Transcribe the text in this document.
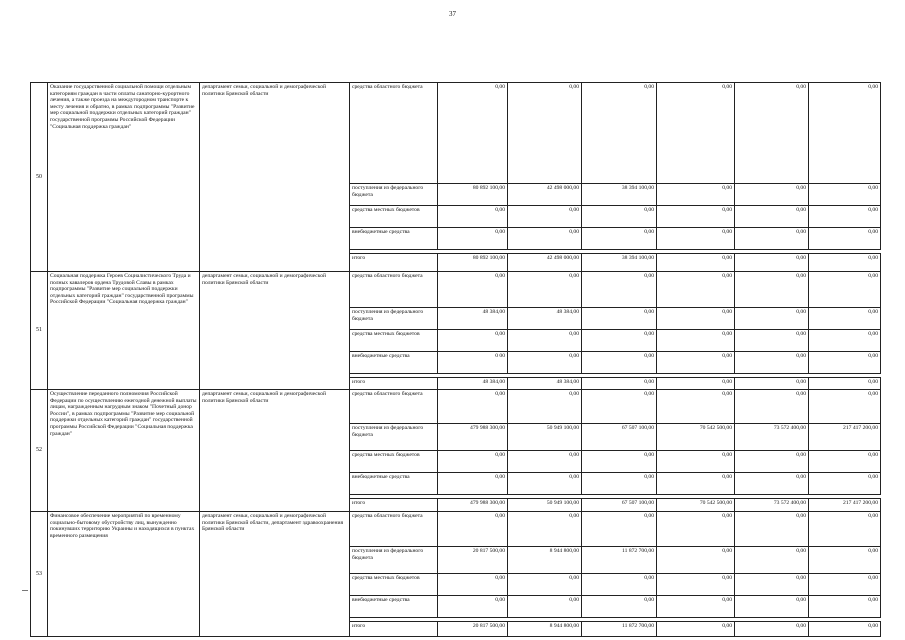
37
50	Оказание государственной социальной помощи отдельным категориям граждан в части оплаты санаторно-курортного лечения, а также проезда на междугородном транспорте к месту лечения и обратно, в рамках подпрограммы "Развитие мер социальной поддержки отдельных категорий граждан" государственной программы Российской Федерации "Социальная поддержка граждан"	департамент семьи, социальной и демографической политики Брянской области	средства областного бюджета	0,00	0,00	0,00	0,00	0,00	0,00
			поступления из федерального бюджета	80 892 100,00	42 498 000,00	38 394 100,00	0,00	0,00	0,00
			средства местных бюджетов	0,00	0,00	0,00	0,00	0,00	0,00
			внебюджетные средства	0,00	0,00	0,00	0,00	0,00	0,00

			итого	80 892 100,00	42 498 000,00	38 394 100,00	0,00	0,00	0,00
51	Социальная поддержка Героев Социалистического Труда и полных кавалеров ордена Трудовой Славы в рамках подпрограммы "Развитие мер социальной поддержки отдельных категорий граждан" государственной программы Российской Федерации "Социальная поддержка граждан"	департамент семьи, социальной и демографической политики Брянской области	средства областного бюджета	0,00	0,00	0,00	0,00	0,00	0,00
			поступления из федерального бюджета	48 384,00	48 384,00	0,00	0,00	0,00	0,00
			средства местных бюджетов	0,00	0,00	0,00	0,00	0,00	0,00
			внебюджетные средства	0 00	0,00	0,00	0,00	0,00	0,00

			итого	48 384,00	48 384,00	0,00	0,00	0,00	0,00
52	Осуществление переданного полномочия Российской Федерации по осуществлению ежегодной денежной выплаты лицам, награжденным нагрудным знаком "Почетный донор России", в рамках подпрограммы "Развитие мер социальной поддержки отдельных категорий граждан" государственной программы Российской Федерации "Социальная поддержка граждан"	департамент семьи, социальной и демографической политики Брянской области	средства областного бюджета	0,00	0,00	0,00	0,00	0,00	0,00
			поступления из федерального бюджета	479 988 300,00	50 949 100,00	67 507 100,00	70 542 500,00	73 572 400,00	217 417 200,00
			средства местных бюджетов	0,00	0,00	0,00	0,00	0,00	0,00
			внебюджетные средства	0,00	0,00	0,00	0,00	0,00	0,00

			итого	479 988 300,00	50 949 100,00	67 507 100,00	70 542 500,00	73 572 400,00	217 417 200,00
53	Финансовое обеспечение мероприятий по временному социально-бытовому обустройству лиц, вынужденно покинувших территорию Украины и находящихся в пунктах временного размещения	департамент семьи, социальной и демографической политики Брянской области, департамент здравоохранения Брянской области	средства областного бюджета	0,00	0,00	0,00	0,00	0,00	0,00
			поступления из федерального бюджета	20 817 500,00	8 944 800,00	11 872 700,00	0,00	0,00	0,00
			средства местных бюджетов	0,00	0,00	0,00	0,00	0,00	0,00
			внебюджетные средства	0,00	0,00	0,00	0,00	0,00	0,00

			итого	20 817 500,00	8 944 800,00	11 872 700,00	0,00	0,00	0,00
